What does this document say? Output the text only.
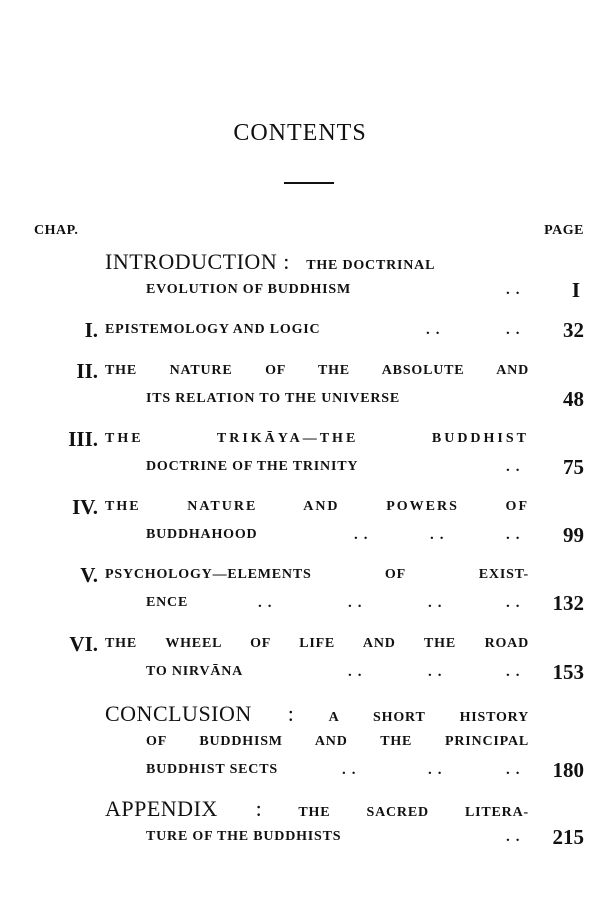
CONTENTS
CHAP.	PAGE
INTRODUCTION : THE DOCTRINAL
EVOLUTION OF BUDDHISM	.. I
I. EPISTEMOLOGY AND LOGIC	..	.. 32
II. THE NATURE OF THE ABSOLUTE AND
ITS RELATION TO THE UNIVERSE	48
III. THE TRIKĀYA—THE BUDDHIST
DOCTRINE OF THE TRINITY	.. 75
IV. THE NATURE AND POWERS OF
BUDDHAHOOD	..	..	.. 99
V. PSYCHOLOGY—ELEMENTS OF EXIST-
ENCE	..	..	..	.. 132
VI. THE WHEEL OF LIFE AND THE ROAD
TO NIRVĀNA	..	..	.. 153
CONCLUSION : A SHORT HISTORY
OF BUDDHISM AND THE PRINCIPAL
BUDDHIST SECTS	..	..	.. 180
APPENDIX :	THE SACRED LITERA-
TURE OF THE BUDDHISTS	.. 215
